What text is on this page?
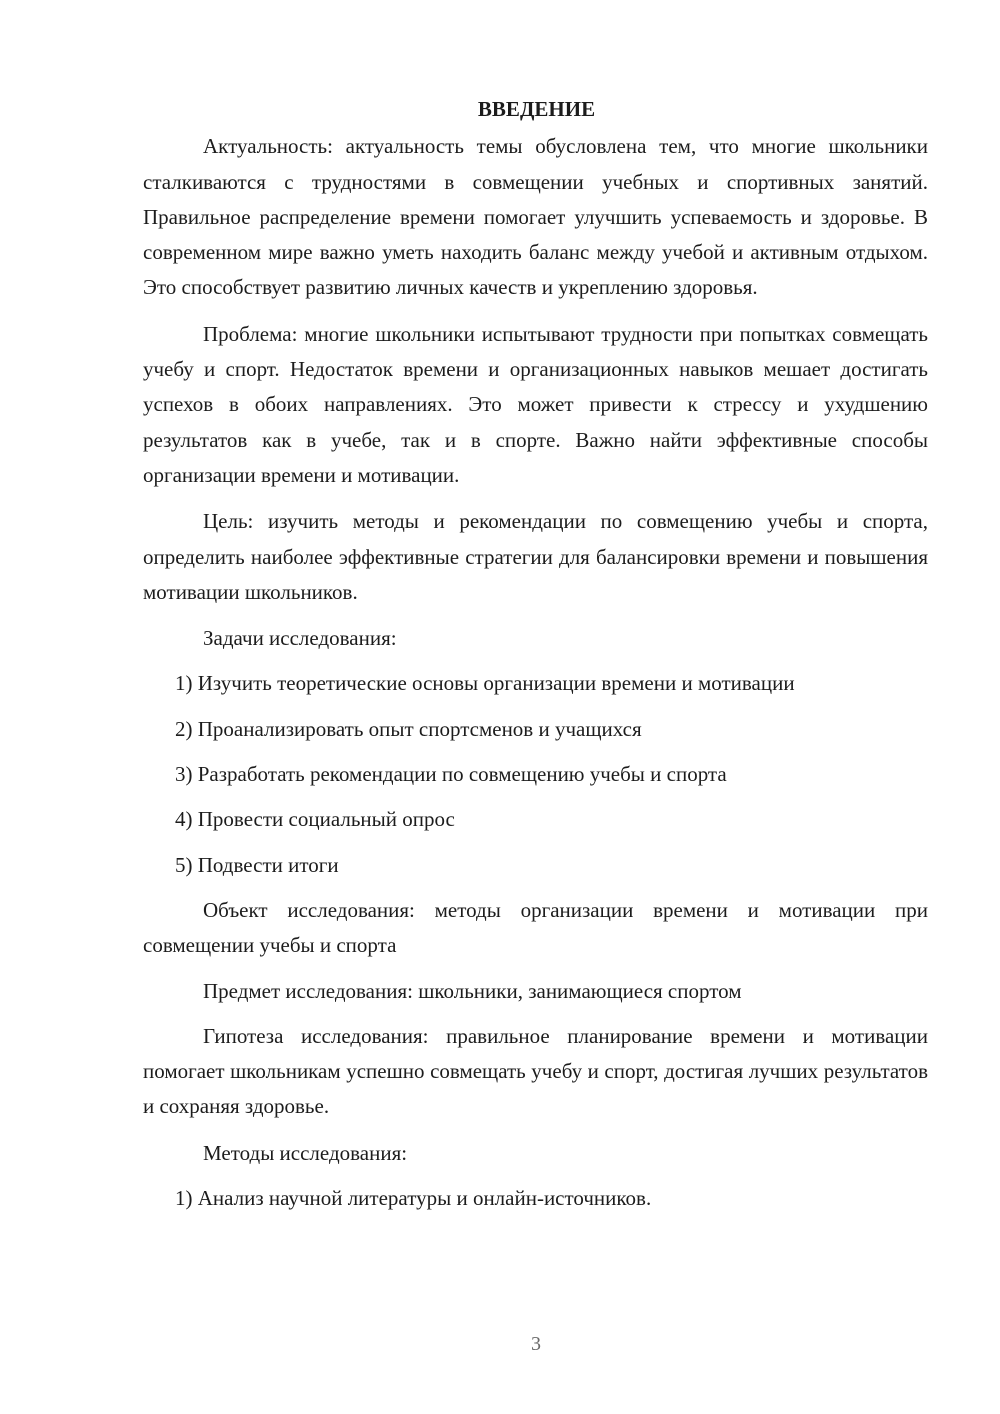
ВВЕДЕНИЕ

Актуальность: актуальность темы обусловлена тем, что многие школьники сталкиваются с трудностями в совмещении учебных и спортивных занятий. Правильное распределение времени помогает улучшить успеваемость и здоровье. В современном мире важно уметь находить баланс между учебой и активным отдыхом. Это способствует развитию личных качеств и укреплению здоровья.

Проблема: многие школьники испытывают трудности при попытках совмещать учебу и спорт. Недостаток времени и организационных навыков мешает достигать успехов в обоих направлениях. Это может привести к стрессу и ухудшению результатов как в учебе, так и в спорте. Важно найти эффективные способы организации времени и мотивации.

Цель: изучить методы и рекомендации по совмещению учебы и спорта, определить наиболее эффективные стратегии для балансировки времени и повышения мотивации школьников.

Задачи исследования:
1) Изучить теоретические основы организации времени и мотивации
2) Проанализировать опыт спортсменов и учащихся
3) Разработать рекомендации по совмещению учебы и спорта
4) Провести социальный опрос
5) Подвести итоги

Объект исследования: методы организации времени и мотивации при совмещении учебы и спорта

Предмет исследования: школьники, занимающиеся спортом

Гипотеза исследования: правильное планирование времени и мотивации помогает школьникам успешно совмещать учебу и спорт, достигая лучших результатов и сохраняя здоровье.

Методы исследования:
1) Анализ научной литературы и онлайн-источников.
3
